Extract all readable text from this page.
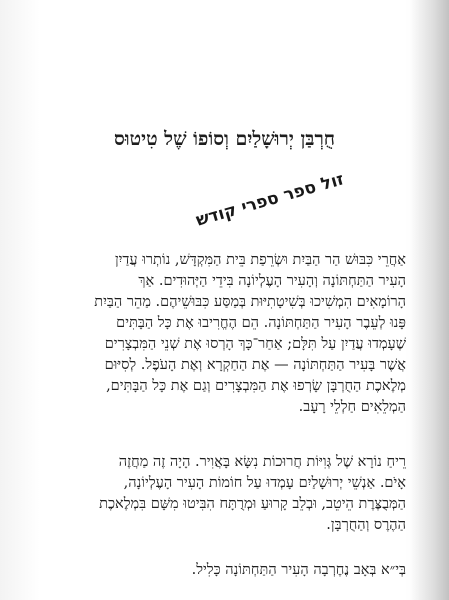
חֻרְבַּן יְרוּשָׁלַיִם וְסוֹפוֹ שֶׁל טִיטוּס
זול ספר ספרי קודש
אַחֲרֵי כִּבּוּשׁ הַר הַבַּיִת וּשְׂרֵפַת בֵּית הַמִּקְדָּשׁ, נוֹתְרוּ עֲדַיִן
הָעִיר הַתַּחְתּוֹנָה וְהָעִיר הָעֶלְיוֹנָה בִּידֵי הַיְּהוּדִים. אַךְ
הָרוֹמָאִים הִמְשִׁיכוּ בְּשִׁיטָתִיּוּת בְּמַסַּע כִּבּוּשֵׁיהֶם. מַהֵר הַבַּיִת
פָּנוּ לְעֵבֶר הָעִיר הַתַּחְתּוֹנָה. הֵם הֶחֱרִיבוּ אֶת כָּל הַבָּתִּים
שֶׁעָמְדוּ עֲדַיִן עַל תִּלָּם; אַחַר־כָּךְ הָרְסוּ אֶת שְׁנֵי הַמִּבְצָרִים
אֲשֶׁר בָּעִיר הַתַּחְתּוֹנָה — אֶת הַחַקְרָא וְאֶת הָעֹפֶל. לְסִיּוּם
מְלֶאכֶת הַחֻרְבָּן שָׂרְפוּ אֶת הַמִּבְצָרִים וְגַם אֶת כָּל הַבָּתִּים,
הַמְלֵאִים חַלְלֵי רָעָב.
רֵיחַ נוֹרָא שֶׁל גְּוִיּוֹת חֲרוּכוֹת נִשָּׂא בָּאֲוִיר. הָיָה זֶה מַחֲזֶה
אָיֹם. אַנְשֵׁי יְרוּשָׁלַיִם עָמְדוּ עַל חוֹמוֹת הָעִיר הָעֶלְיוֹנָה,
הַמְּבֻצֶּרֶת הֵיטֵב, וּבְלֵב קָרוּעַ וּמְרֻתָּח הִבִּיטוּ מִשָּׁם בִּמְלֶאכֶת
הַהֶרֶס וְהַחֻרְבָּן.
בְּי״א בְּאָב נֶחֶרְבָה הָעִיר הַתַּחְתּוֹנָה כָּלִיל.
